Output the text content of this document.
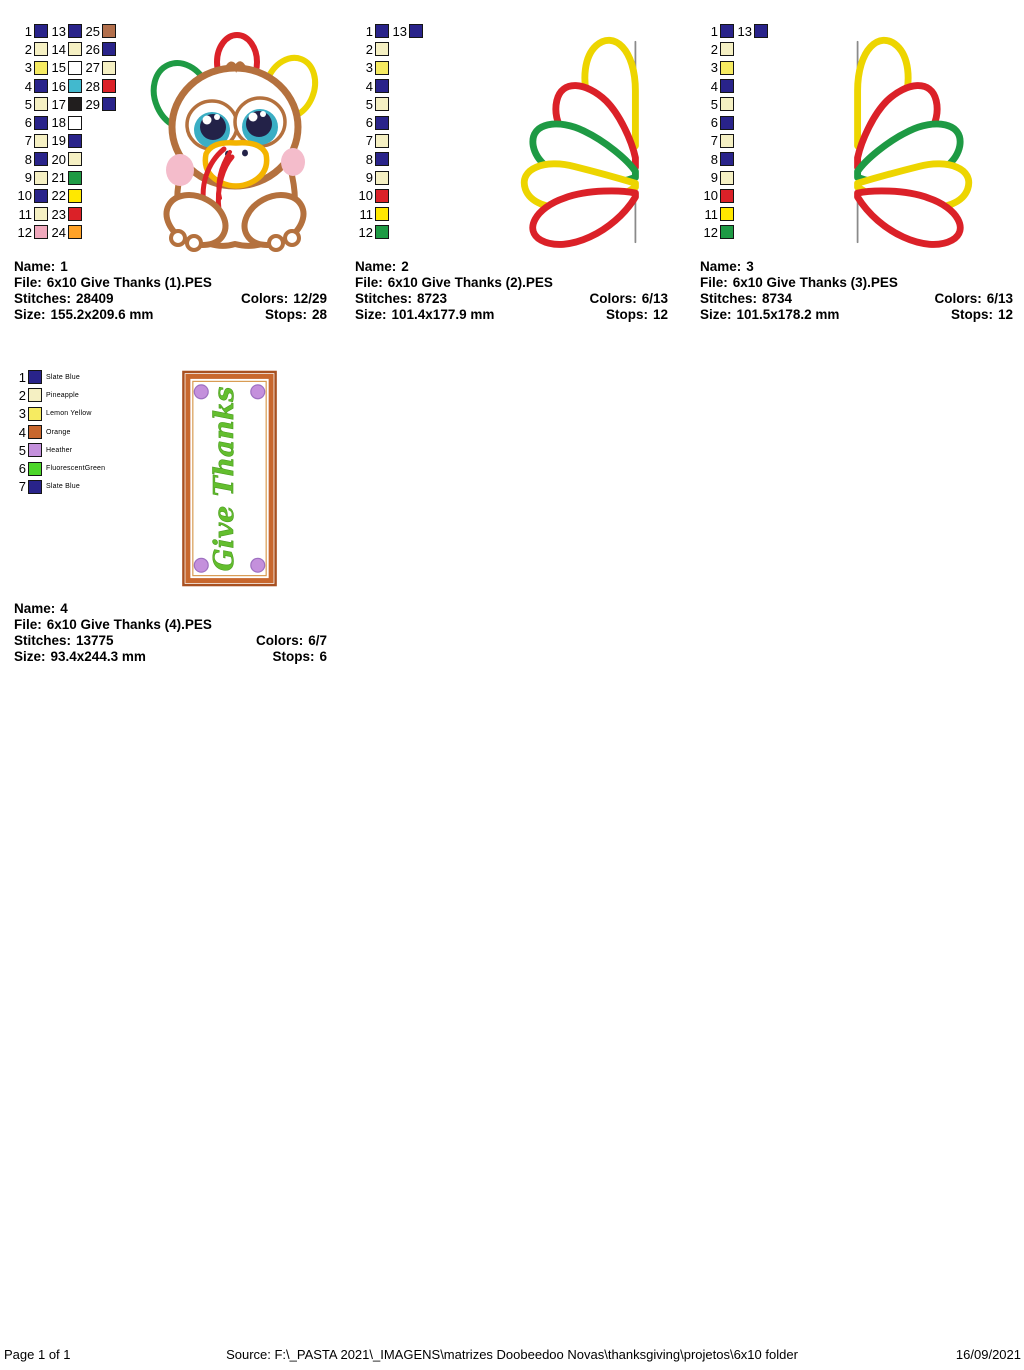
1
2
3
4
5
6
7
8
9
10
11
12
13
14
15
16
17
18
19
20
21
22
23
24
25
26
27
28
29
Name: 1
File: 6x10 Give Thanks (1).PES
Stitches: 28409	Colors: 12/29
Size: 155.2x209.6 mm	Stops: 28
1
2
3
4
5
6
7
8
9
10
11
12
13
Name: 2
File: 6x10 Give Thanks (2).PES
Stitches: 8723	Colors: 6/13
Size: 101.4x177.9 mm	Stops: 12
1
2
3
4
5
6
7
8
9
10
11
12
13
Name: 3
File: 6x10 Give Thanks (3).PES
Stitches: 8734	Colors: 6/13
Size: 101.5x178.2 mm	Stops: 12
1	Slate Blue
2	Pineapple
3	Lemon Yellow
4	Orange
5	Heather
6	FluorescentGreen
7	Slate Blue	Give Thanks
Name: 4
File: 6x10 Give Thanks (4).PES
Stitches: 13775	Colors: 6/7
Size: 93.4x244.3 mm	Stops: 6
Page 1 of 1	Source: F:\_PASTA 2021\_IMAGENS\matrizes Doobeedoo Novas\thanksgiving\projetos\6x10 folder	16/09/2021
